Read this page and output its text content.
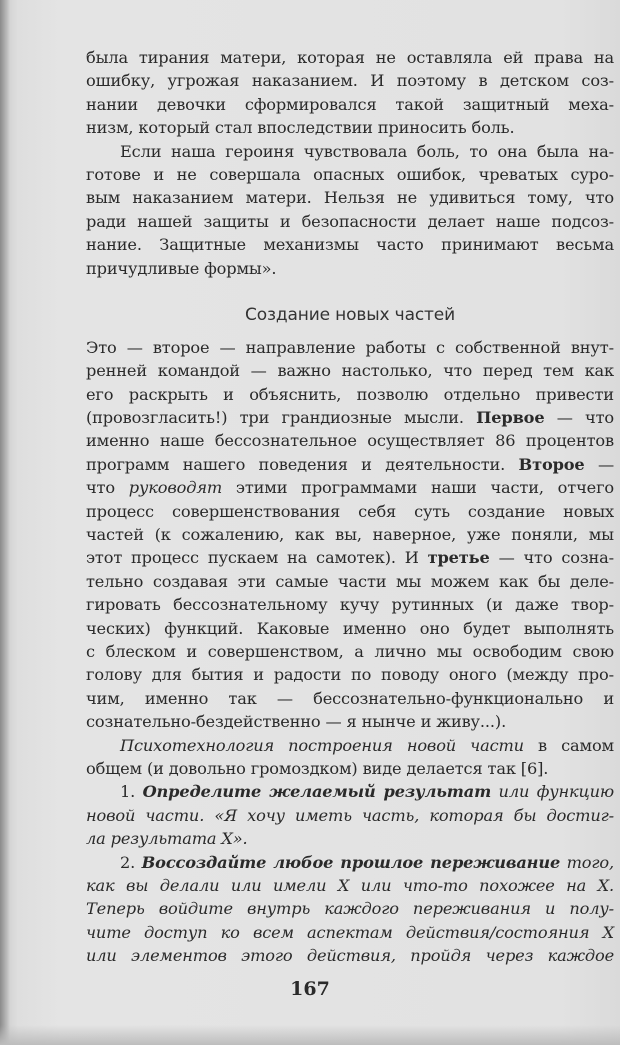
была тирания матери, которая не оставляла ей права на
ошибку, угрожая наказанием. И поэтому в детском соз-
нании девочки сформировался такой защитный меха-
низм, который стал впоследствии приносить боль.
Если наша героиня чувствовала боль, то она была на-
готове и не совершала опасных ошибок, чреватых суро-
вым наказанием матери. Нельзя не удивиться тому, что
ради нашей защиты и безопасности делает наше подсоз-
нание. Защитные механизмы часто принимают весьма
причудливые формы».
Создание новых частей
Это — второе — направление работы с собственной внут-
ренней командой — важно настолько, что перед тем как
его раскрыть и объяснить, позволю отдельно привести
(провозгласить!) три грандиозные мысли. Первое — что
именно наше бессознательное осуществляет 86 процентов
программ нашего поведения и деятельности. Второе —
что руководят этими программами наши части, отчего
процесс совершенствования себя суть создание новых
частей (к сожалению, как вы, наверное, уже поняли, мы
этот процесс пускаем на самотек). И третье — что созна-
тельно создавая эти самые части мы можем как бы деле-
гировать бессознательному кучу рутинных (и даже твор-
ческих) функций. Каковые именно оно будет выполнять
с блеском и совершенством, а лично мы освободим свою
голову для бытия и радости по поводу оного (между про-
чим, именно так — бессознательно-функционально и
сознательно-бездейственно — я нынче и живу...).
Психотехнология построения новой части в самом
общем (и довольно громоздком) виде делается так [6].
1. Определите желаемый результат или функцию
новой части. «Я хочу иметь часть, которая бы достиг-
ла результата Х».
2. Воссоздайте любое прошлое переживание того,
как вы делали или имели Х или что-то похожее на Х.
Теперь войдите внутрь каждого переживания и полу-
чите доступ ко всем аспектам действия/состояния Х
или элементов этого действия, пройдя через каждое
167
